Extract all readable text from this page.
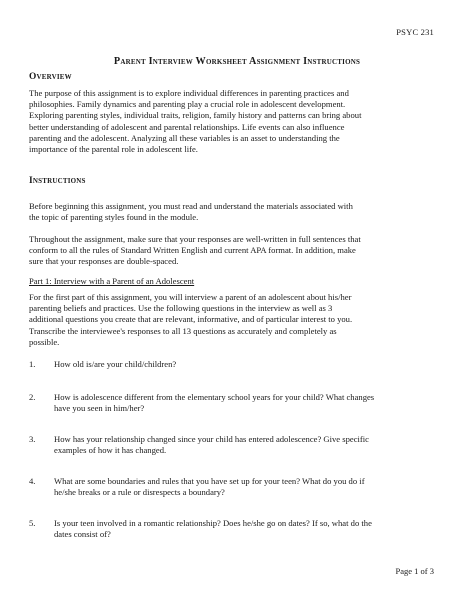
PSYC 231
Parent Interview Worksheet Assignment Instructions
Overview
The purpose of this assignment is to explore individual differences in parenting practices and
philosophies. Family dynamics and parenting play a crucial role in adolescent development.
Exploring parenting styles, individual traits, religion, family history and patterns can bring about
better understanding of adolescent and parental relationships. Life events can also influence
parenting and the adolescent. Analyzing all these variables is an asset to understanding the
importance of the parental role in adolescent life.
Instructions
Before beginning this assignment, you must read and understand the materials associated with
the topic of parenting styles found in the module.
Throughout the assignment, make sure that your responses are well-written in full sentences that
conform to all the rules of Standard Written English and current APA format. In addition, make
sure that your responses are double-spaced.
Part 1: Interview with a Parent of an Adolescent
For the first part of this assignment, you will interview a parent of an adolescent about his/her
parenting beliefs and practices. Use the following questions in the interview as well as 3
additional questions you create that are relevant, informative, and of particular interest to you.
Transcribe the interviewee's responses to all 13 questions as accurately and completely as
possible.
1. How old is/are your child/children?
2. How is adolescence different from the elementary school years for your child? What changes
have you seen in him/her?
3. How has your relationship changed since your child has entered adolescence? Give specific
examples of how it has changed.
4. What are some boundaries and rules that you have set up for your teen? What do you do if
he/she breaks or a rule or disrespects a boundary?
5. Is your teen involved in a romantic relationship? Does he/she go on dates? If so, what do the
dates consist of?
Page 1 of 3
